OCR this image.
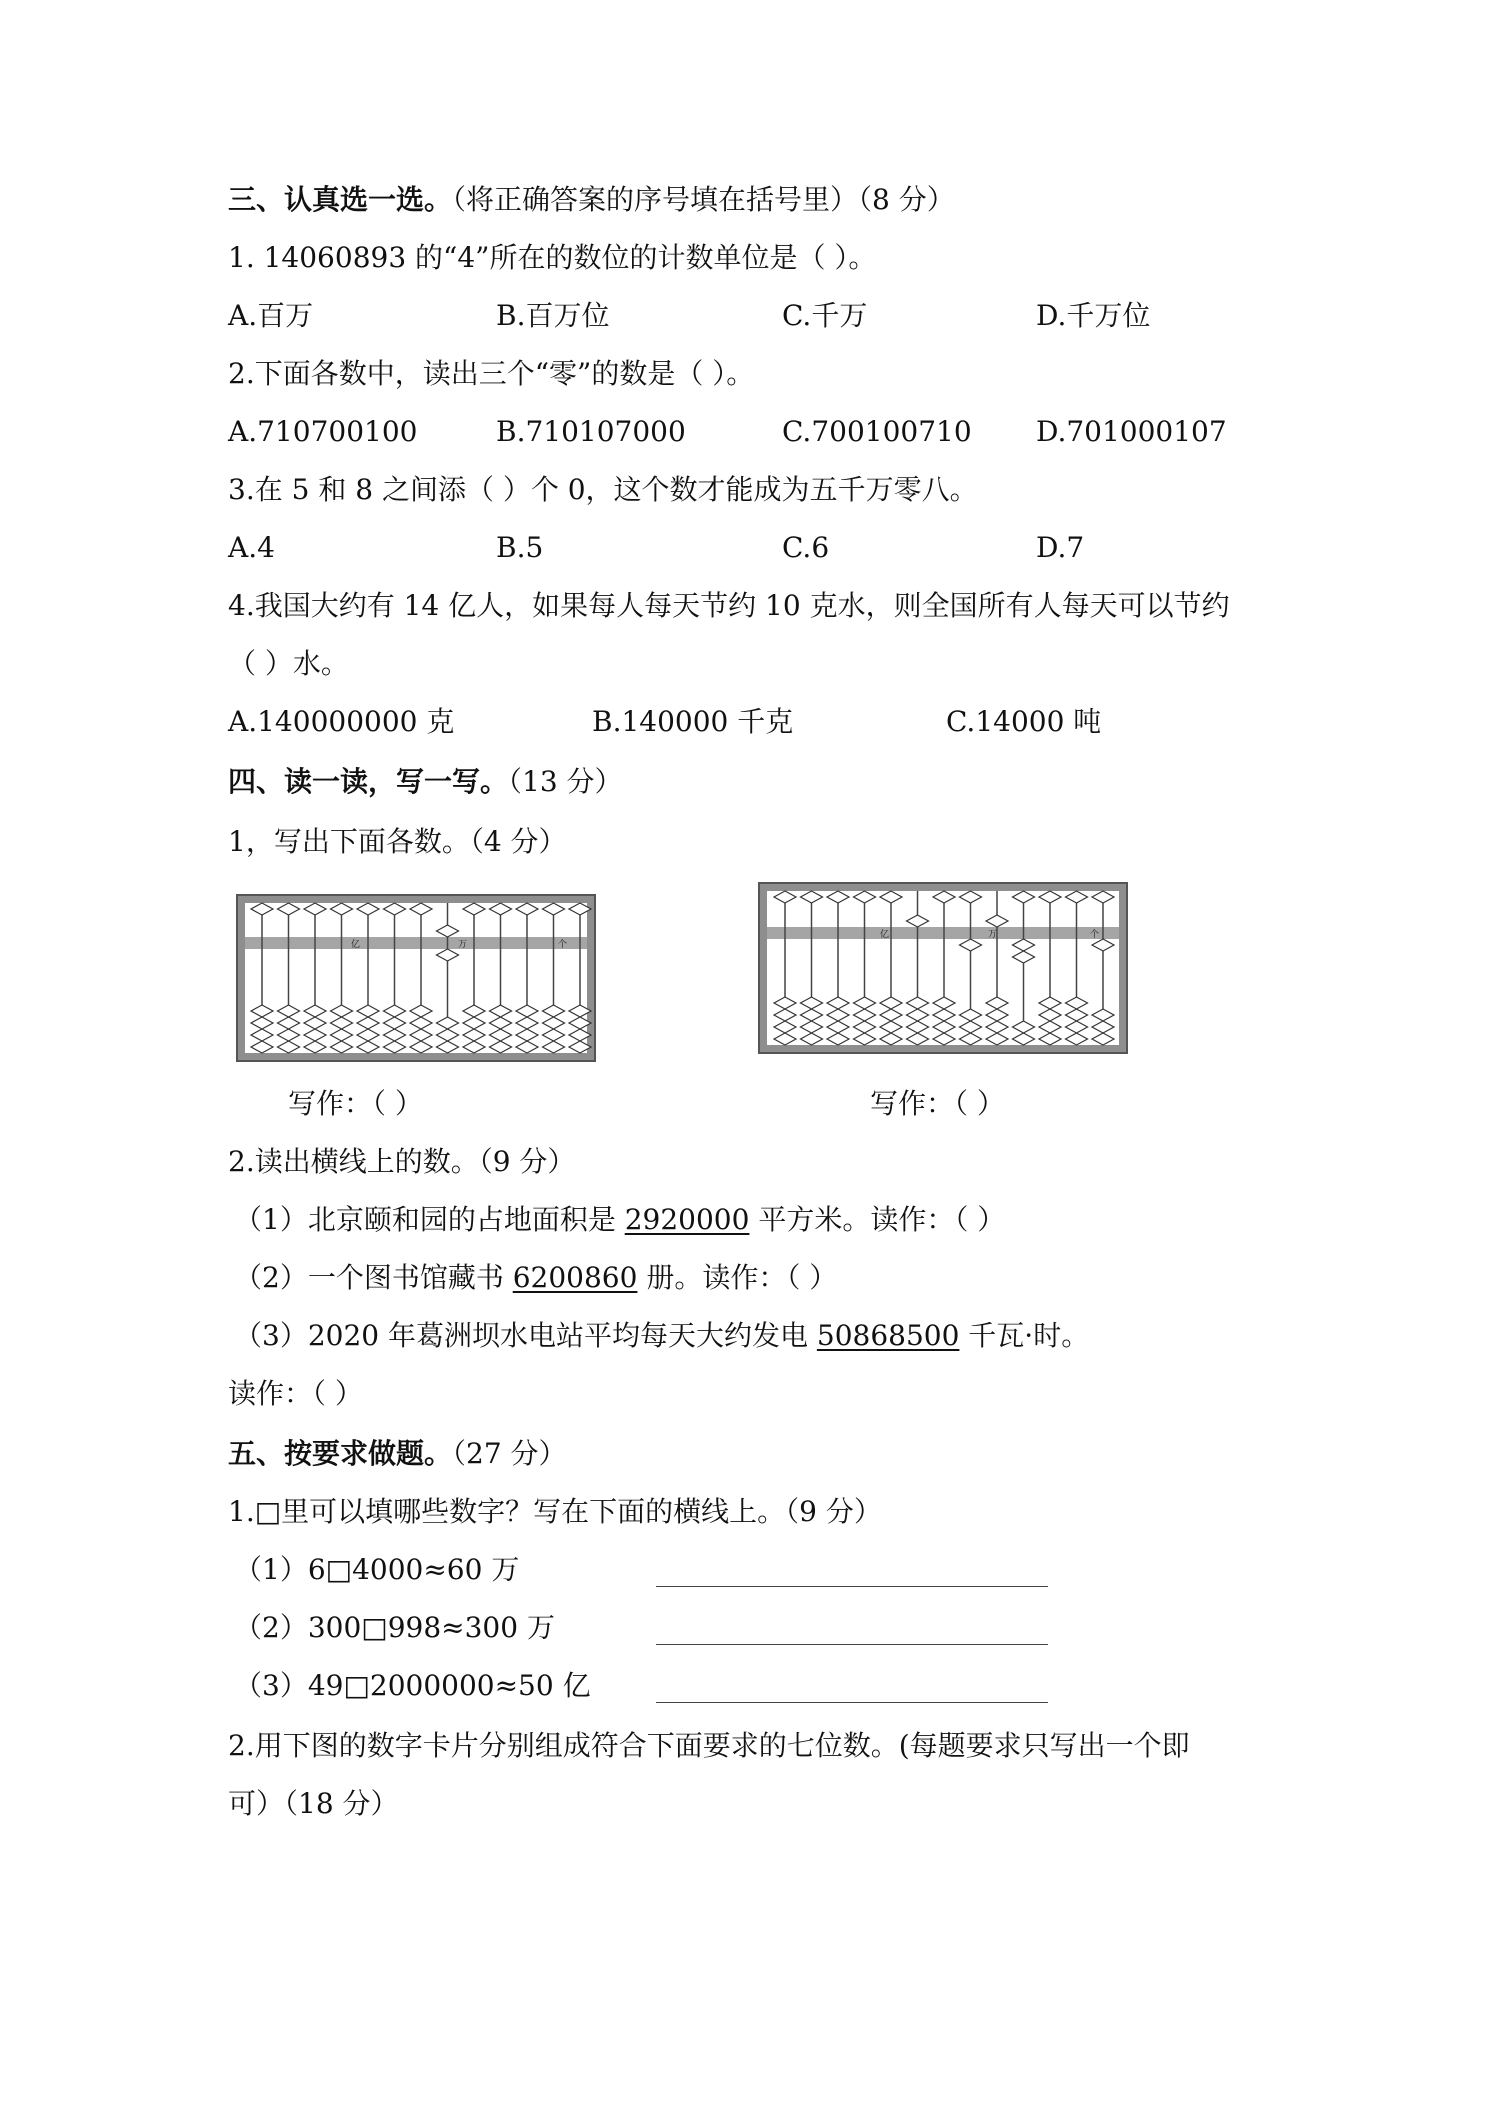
三、认真选一选。（将正确答案的序号填在括号里）（8 分）
1. 14060893 的“4”所在的数位的计数单位是（ ）。
A.百万	B.百万位	C.千万	D.千万位
2.下面各数中，读出三个“零”的数是（ ）。
A.710700100	B.710107000	C.700100710 D.701000107
3.在 5 和 8 之间添（ ）个 0，这个数才能成为五千万零八。
A.4	B.5	C.6	D.7
4.我国大约有 14 亿人，如果每人每天节约 10 克水，则全国所有人每天可以节约
（ ）水。
A.140000000 克	B.140000 千克	C.14000 吨
四、读一读，写一写。（13 分）
1，写出下面各数。（4 分）
亿	万	个
亿	万	个
写作：（ ）	写作：（ ）
2.读出横线上的数。（9 分）
（1）北京颐和园的占地面积是 2920000 平方米。读作：（ ）
（2）一个图书馆藏书 6200860 册。读作：（ ）
（3）2020 年葛洲坝水电站平均每天大约发电 50868500 千瓦·时。
读作：（ ）
五、按要求做题。（27 分）
1.□里可以填哪些数字？写在下面的横线上。（9 分）
（1）6□4000≈60 万
（2）300□998≈300 万
（3）49□2000000≈50 亿
2.用下图的数字卡片分别组成符合下面要求的七位数。(每题要求只写出一个即
可）（18 分）
